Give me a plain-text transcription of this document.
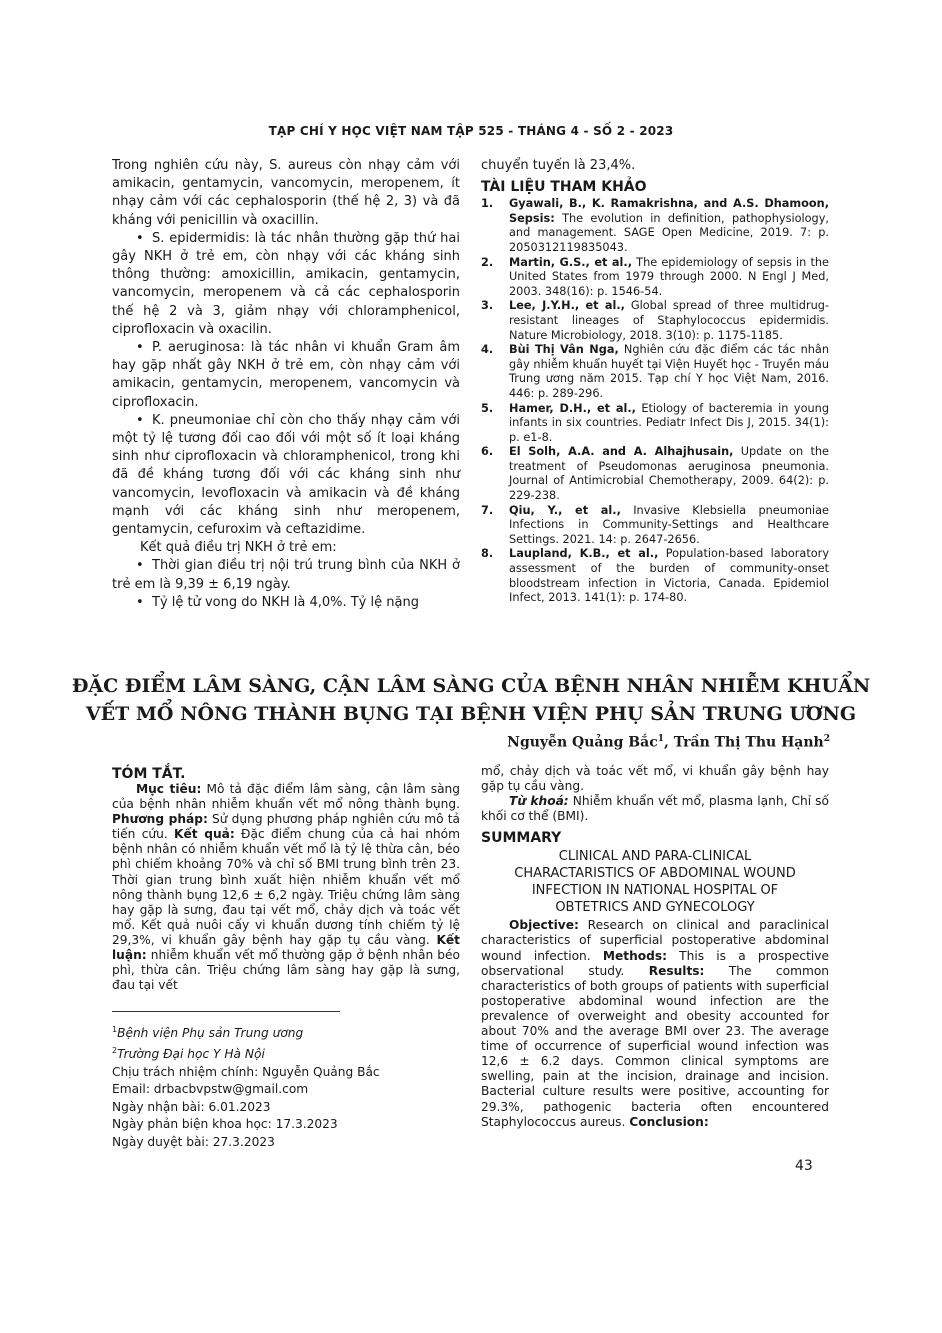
TẠP CHÍ Y HỌC VIỆT NAM TẬP 525 - THÁNG 4 - SỐ 2 - 2023

Trong nghiên cứu này, S. aureus còn nhạy cảm với amikacin, gentamycin, vancomycin, meropenem, ít nhạy cảm với các cephalosporin (thế hệ 2, 3) và đã kháng với penicillin và oxacillin.

• S. epidermidis: là tác nhân thường gặp thứ hai gây NKH ở trẻ em, còn nhạy với các kháng sinh thông thường: amoxicillin, amikacin, gentamycin, vancomycin, meropenem và cả các cephalosporin thế hệ 2 và 3, giảm nhạy với chloramphenicol, ciprofloxacin và oxacilin.

• P. aeruginosa: là tác nhân vi khuẩn Gram âm hay gặp nhất gây NKH ở trẻ em, còn nhạy cảm với amikacin, gentamycin, meropenem, vancomycin và ciprofloxacin.

• K. pneumoniae chỉ còn cho thấy nhạy cảm với một tỷ lệ tương đối cao đối với một số ít loại kháng sinh như ciprofloxacin và chloramphenicol, trong khi đã đề kháng tương đối với các kháng sinh như vancomycin, levofloxacin và amikacin và đề kháng mạnh với các kháng sinh như meropenem, gentamycin, cefuroxim và ceftazidime.

Kết quả điều trị NKH ở trẻ em:

• Thời gian điều trị nội trú trung bình của NKH ở trẻ em là 9,39 ± 6,19 ngày.

• Tỷ lệ tử vong do NKH là 4,0%. Tỷ lệ nặng

chuyển tuyến là 23,4%.

TÀI LIỆU THAM KHẢO
1.	Gyawali, B., K. Ramakrishna, and A.S. Dhamoon, Sepsis: The evolution in definition, pathophysiology, and management. SAGE Open Medicine, 2019. 7: p. 2050312119835043.
2.	Martin, G.S., et al., The epidemiology of sepsis in the United States from 1979 through 2000. N Engl J Med, 2003. 348(16): p. 1546-54.
3.	Lee, J.Y.H., et al., Global spread of three multidrug-resistant lineages of Staphylococcus epidermidis. Nature Microbiology, 2018. 3(10): p. 1175-1185.
4.	Bùi Thị Vân Nga, Nghiên cứu đặc điểm các tác nhân gây nhiễm khuẩn huyết tại Viện Huyết học - Truyền máu Trung ương năm 2015. Tạp chí Y học Việt Nam, 2016. 446: p. 289-296.
5.	Hamer, D.H., et al., Etiology of bacteremia in young infants in six countries. Pediatr Infect Dis J, 2015. 34(1): p. e1-8.
6.	El Solh, A.A. and A. Alhajhusain, Update on the treatment of Pseudomonas aeruginosa pneumonia. Journal of Antimicrobial Chemotherapy, 2009. 64(2): p. 229-238.
7.	Qiu, Y., et al., Invasive Klebsiella pneumoniae Infections in Community-Settings and Healthcare Settings. 2021. 14: p. 2647-2656.
8.	Laupland, K.B., et al., Population-based laboratory assessment of the burden of community-onset bloodstream infection in Victoria, Canada. Epidemiol Infect, 2013. 141(1): p. 174-80.
ĐẶC ĐIỂM LÂM SÀNG, CẬN LÂM SÀNG CỦA BỆNH NHÂN NHIỄM KHUẨN
VẾT MỔ NÔNG THÀNH BỤNG TẠI BỆNH VIỆN PHỤ SẢN TRUNG ƯƠNG
Nguyễn Quảng Bắc$^1$, Trần Thị Thu Hạnh$^2$
TÓM TẮT.

Mục tiêu: Mô tả đặc điểm lâm sàng, cận lâm sàng của bệnh nhân nhiễm khuẩn vết mổ nông thành bụng. Phương pháp: Sử dụng phương pháp nghiên cứu mô tả tiến cứu. Kết quả: Đặc điểm chung của cả hai nhóm bệnh nhân có nhiễm khuẩn vết mổ là tỷ lệ thừa cân, béo phì chiếm khoảng 70% và chỉ số BMI trung bình trên 23. Thời gian trung bình xuất hiện nhiễm khuẩn vết mổ nông thành bụng 12,6 ± 6,2 ngày. Triệu chứng lâm sàng hay gặp là sưng, đau tại vết mổ, chảy dịch và toác vết mổ. Kết quả nuôi cấy vi khuẩn dương tính chiếm tỷ lệ 29,3%, vi khuẩn gây bệnh hay gặp tụ cầu vàng. Kết luận: nhiễm khuẩn vết mổ thường gặp ở bệnh nhân béo phì, thừa cân. Triệu chứng lâm sàng hay gặp là sưng, đau tại vết

mổ, chảy dịch và toác vết mổ, vi khuẩn gây bệnh hay gặp tụ cầu vàng.

Từ khoá: Nhiễm khuẩn vết mổ, plasma lạnh, Chỉ số khối cơ thể (BMI).

SUMMARY
CLINICAL AND PARA-CLINICAL
CHARACTARISTICS OF ABDOMINAL WOUND
INFECTION IN NATIONAL HOSPITAL OF
OBTETRICS AND GYNECOLOGY

Objective: Research on clinical and paraclinical characteristics of superficial postoperative abdominal wound infection. Methods: This is a prospective observational study. Results: The common characteristics of both groups of patients with superficial postoperative abdominal wound infection are the prevalence of overweight and obesity accounted for about 70% and the average BMI over 23. The average time of occurrence of superficial wound infection was 12,6 ± 6.2 days. Common clinical symptoms are swelling, pain at the incision, drainage and incision. Bacterial culture results were positive, accounting for 29.3%, pathogenic bacteria often encountered Staphylococcus aureus. Conclusion:

$^1$Bệnh viện Phụ sản Trung ương

$^2$Trường Đại học Y Hà Nội

Chịu trách nhiệm chính: Nguyễn Quảng Bắc

Email: drbacbvpstw@gmail.com

Ngày nhận bài: 6.01.2023

Ngày phản biện khoa học: 17.3.2023

Ngày duyệt bài: 27.3.2023

43
